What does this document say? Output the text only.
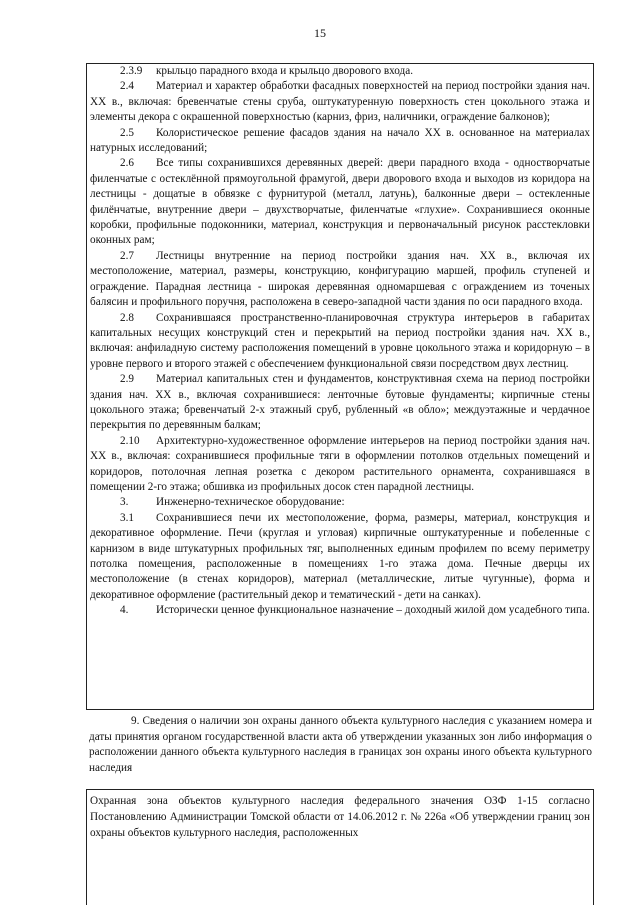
15

2.3.9 крыльцо парадного входа и крыльцо дворового входа.

2.4 Материал и характер обработки фасадных поверхностей на период постройки здания нач. XX в., включая: бревенчатые стены сруба, оштукатуренную поверхность стен цокольного этажа и элементы декора с окрашенной поверхностью (карниз, фриз, наличники, ограждение балконов);

2.5 Колористическое решение фасадов здания на начало XX в. основанное на материалах натурных исследований;

2.6 Все типы сохранившихся деревянных дверей: двери парадного входа - одностворчатые филенчатые с остеклённой прямоугольной фрамугой, двери дворового входа и выходов из коридора на лестницы - дощатые в обвязке с фурнитурой (металл, латунь), балконные двери – остекленные филёнчатые, внутренние двери – двухстворчатые, филенчатые «глухие». Сохранившиеся оконные коробки, профильные подоконники, материал, конструкция и первоначальный рисунок расстекловки оконных рам;

2.7 Лестницы внутренние на период постройки здания нач. XX в., включая их местоположение, материал, размеры, конструкцию, конфигурацию маршей, профиль ступеней и ограждение. Парадная лестница - широкая деревянная одномаршевая с ограждением из точеных балясин и профильного поручня, расположена в северо-западной части здания по оси парадного входа.

2.8 Сохранившаяся пространственно-планировочная структура интерьеров в габаритах капитальных несущих конструкций стен и перекрытий на период постройки здания нач. XX в., включая: анфиладную систему расположения помещений в уровне цокольного этажа и коридорную – в уровне первого и второго этажей с обеспечением функциональной связи посредством двух лестниц.

2.9 Материал капитальных стен и фундаментов, конструктивная схема на период постройки здания нач. XX в., включая сохранившиеся: ленточные бутовые фундаменты; кирпичные стены цокольного этажа; бревенчатый 2-х этажный сруб, рубленный «в обло»; междуэтажные и чердачное перекрытия по деревянным балкам;

2.10 Архитектурно-художественное оформление интерьеров на период постройки здания нач. XX в., включая: сохранившиеся профильные тяги в оформлении потолков отдельных помещений и коридоров, потолочная лепная розетка с декором растительного орнамента, сохранившаяся в помещении 2-го этажа; обшивка из профильных досок стен парадной лестницы.

3. Инженерно-техническое оборудование:

3.1 Сохранившиеся печи их местоположение, форма, размеры, материал, конструкция и декоративное оформление. Печи (круглая и угловая) кирпичные оштукатуренные и побеленные с карнизом в виде штукатурных профильных тяг, выполненных единым профилем по всему периметру потолка помещения, расположенные в помещениях 1-го этажа дома. Печные дверцы их местоположение (в стенах коридоров), материал (металлические, литые чугунные), форма и декоративное оформление (растительный декор и тематический - дети на санках).

4. Исторически ценное функциональное назначение – доходный жилой дом усадебного типа.

9. Сведения о наличии зон охраны данного объекта культурного наследия с указанием номера и даты принятия органом государственной власти акта об утверждении указанных зон либо информация о расположении данного объекта культурного наследия в границах зон охраны иного объекта культурного наследия

Охранная зона объектов культурного наследия федерального значения ОЗФ 1-15 согласно Постановлению Администрации Томской области от 14.06.2012 г. № 226а «Об утверждении границ зон охраны объектов культурного наследия, расположенных
